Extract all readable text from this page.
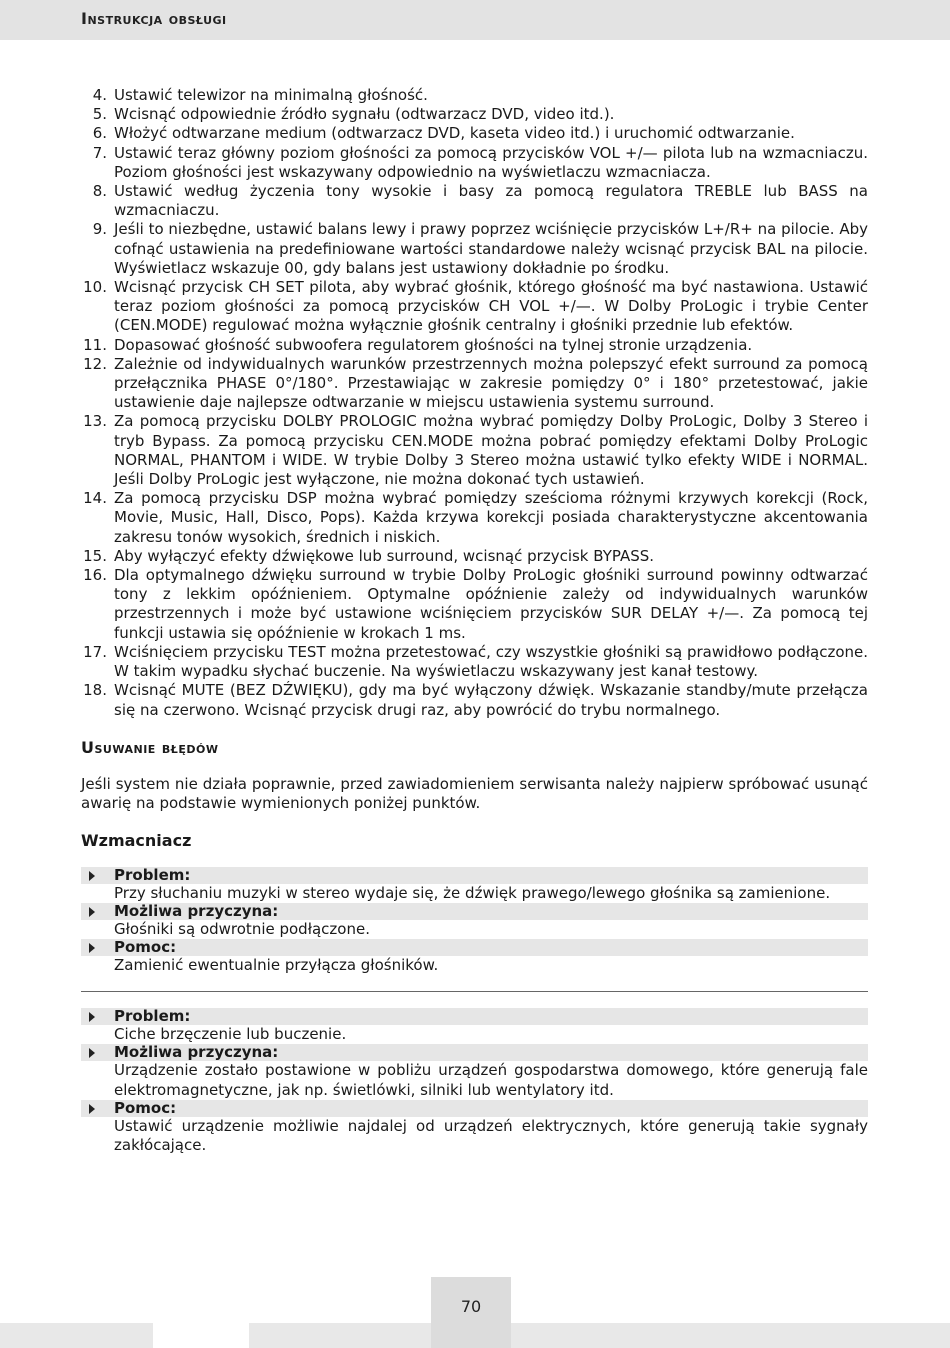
Instrukcja obsługi
4. Ustawić telewizor na minimalną głośność.
5. Wcisnąć odpowiednie źródło sygnału (odtwarzacz DVD, video itd.).
6. Włożyć odtwarzane medium (odtwarzacz DVD, kaseta video itd.) i uruchomić odtwarzanie.
7. Ustawić teraz główny poziom głośności za pomocą przycisków VOL +/— pilota lub na wzmacniaczu. Poziom głośności jest wskazywany odpowiednio na wyświetlaczu wzmacniacza.
8. Ustawić według życzenia tony wysokie i basy za pomocą regulatora TREBLE lub BASS na wzmacniaczu.
9. Jeśli to niezbędne, ustawić balans lewy i prawy poprzez wciśnięcie przycisków L+/R+ na pilocie. Aby cofnąć ustawienia na predefiniowane wartości standardowe należy wcisnąć przycisk BAL na pilocie. Wyświetlacz wskazuje 00, gdy balans jest ustawiony dokładnie po środku.
10. Wcisnąć przycisk CH SET pilota, aby wybrać głośnik, którego głośność ma być nastawiona. Ustawić teraz poziom głośności za pomocą przycisków CH VOL +/—. W Dolby ProLogic i trybie Center (CEN.MODE) regulować można wyłącznie głośnik centralny i głośniki przednie lub efektów.
11. Dopasować głośność subwoofera regulatorem głośności na tylnej stronie urządzenia.
12. Zależnie od indywidualnych warunków przestrzennych można polepszyć efekt surround za pomocą przełącznika PHASE 0°/180°. Przestawiając w zakresie pomiędzy 0° i 180° przetestować, jakie ustawienie daje najlepsze odtwarzanie w miejscu ustawienia systemu surround.
13. Za pomocą przycisku DOLBY PROLOGIC można wybrać pomiędzy Dolby ProLogic, Dolby 3 Stereo i tryb Bypass. Za pomocą przycisku CEN.MODE można pobrać pomiędzy efektami Dolby ProLogic NORMAL, PHANTOM i WIDE. W trybie Dolby 3 Stereo można ustawić tylko efekty WIDE i NORMAL. Jeśli Dolby ProLogic jest wyłączone, nie można dokonać tych ustawień.
14. Za pomocą przycisku DSP można wybrać pomiędzy sześcioma różnymi krzywych korekcji (Rock, Movie, Music, Hall, Disco, Pops). Każda krzywa korekcji posiada charakterystyczne akcentowania zakresu tonów wysokich, średnich i niskich.
15. Aby wyłączyć efekty dźwiękowe lub surround, wcisnąć przycisk BYPASS.
16. Dla optymalnego dźwięku surround w trybie Dolby ProLogic głośniki surround powinny odtwarzać tony z lekkim opóźnieniem. Optymalne opóźnienie zależy od indywidualnych warunków przestrzennych i może być ustawione wciśnięciem przycisków SUR DELAY +/—. Za pomocą tej funkcji ustawia się opóźnienie w krokach 1 ms.
17. Wciśnięciem przycisku TEST można przetestować, czy wszystkie głośniki są prawidłowo podłączone. W takim wypadku słychać buczenie. Na wyświetlaczu wskazywany jest kanał testowy.
18. Wcisnąć MUTE (BEZ DŹWIĘKU), gdy ma być wyłączony dźwięk. Wskazanie standby/mute przełącza się na czerwono. Wcisnąć przycisk drugi raz, aby powrócić do trybu normalnego.
Usuwanie błędów
Jeśli system nie działa poprawnie, przed zawiadomieniem serwisanta należy najpierw spróbować usunąć awarię na podstawie wymienionych poniżej punktów.
Wzmacniacz
Problem:
Przy słuchaniu muzyki w stereo wydaje się, że dźwięk prawego/lewego głośnika są zamienione.
Możliwa przyczyna:
Głośniki są odwrotnie podłączone.
Pomoc:
Zamienić ewentualnie przyłącza głośników.
Problem:
Ciche brzęczenie lub buczenie.
Możliwa przyczyna:
Urządzenie zostało postawione w pobliżu urządzeń gospodarstwa domowego, które generują fale elektromagnetyczne, jak np. świetlówki, silniki lub wentylatory itd.
Pomoc:
Ustawić urządzenie możliwie najdalej od urządzeń elektrycznych, które generują takie sygnały zakłócające.
70
